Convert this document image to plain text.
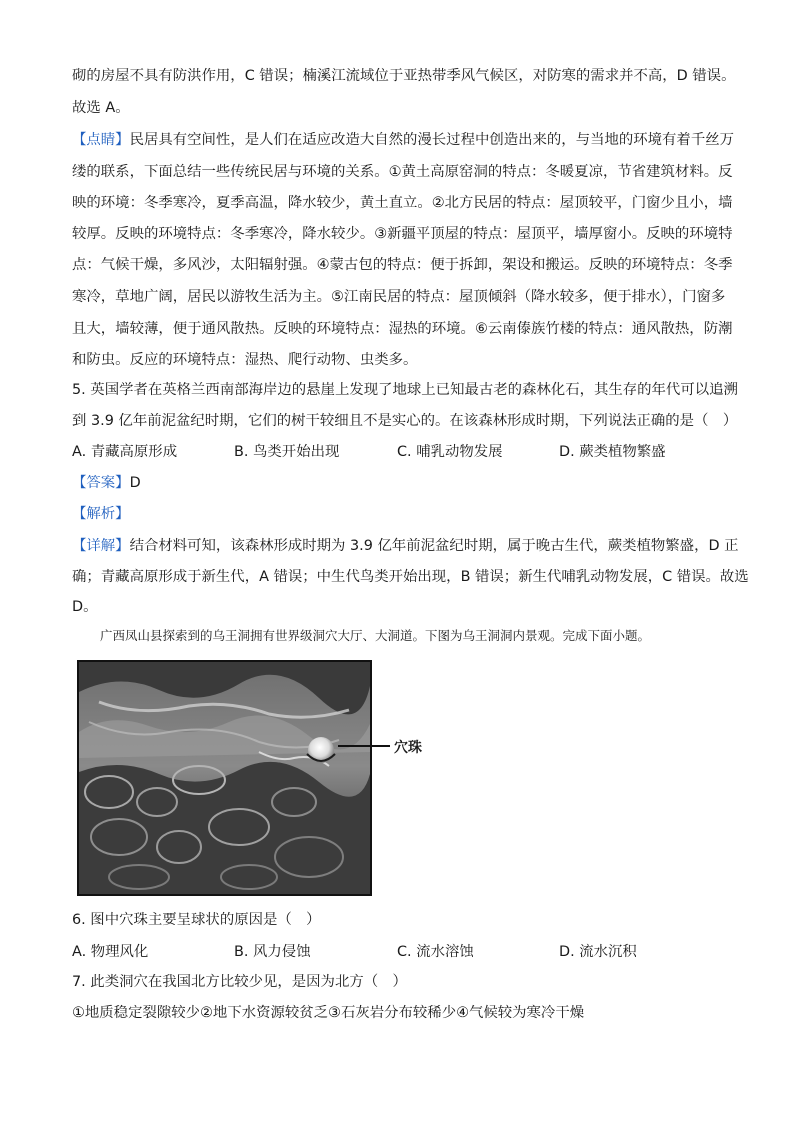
砌的房屋不具有防洪作用，C 错误；楠溪江流域位于亚热带季风气候区，对防寒的需求并不高，D 错误。
故选 A。
【点睛】民居具有空间性，是人们在适应改造大自然的漫长过程中创造出来的，与当地的环境有着千丝万
缕的联系，下面总结一些传统民居与环境的关系。①黄土高原窑洞的特点：冬暖夏凉，节省建筑材料。反
映的环境：冬季寒冷，夏季高温，降水较少，黄土直立。②北方民居的特点：屋顶较平，门窗少且小，墙
较厚。反映的环境特点：冬季寒冷，降水较少。③新疆平顶屋的特点：屋顶平，墙厚窗小。反映的环境特
点：气候干燥，多风沙，太阳辐射强。④蒙古包的特点：便于拆卸，架设和搬运。反映的环境特点：冬季
寒冷，草地广阔，居民以游牧生活为主。⑤江南民居的特点：屋顶倾斜（降水较多，便于排水），门窗多
且大，墙较薄，便于通风散热。反映的环境特点：湿热的环境。⑥云南傣族竹楼的特点：通风散热，防潮
和防虫。反应的环境特点：湿热、爬行动物、虫类多。
5. 英国学者在英格兰西南部海岸边的悬崖上发现了地球上已知最古老的森林化石，其生存的年代可以追溯
到 3.9 亿年前泥盆纪时期，它们的树干较细且不是实心的。在该森林形成时期，下列说法正确的是（　）
A. 青藏高原形成	B. 鸟类开始出现	C. 哺乳动物发展	D. 蕨类植物繁盛
【答案】D
【解析】
【详解】结合材料可知，该森林形成时期为 3.9 亿年前泥盆纪时期，属于晚古生代，蕨类植物繁盛，D 正
确；青藏高原形成于新生代，A 错误；中生代鸟类开始出现，B 错误；新生代哺乳动物发展，C 错误。故选
D。
广西凤山县探索到的乌王洞拥有世界级洞穴大厅、大洞道。下图为乌王洞洞内景观。完成下面小题。
穴珠
6. 图中穴珠主要呈球状的原因是（　）
A. 物理风化	B. 风力侵蚀	C. 流水溶蚀	D. 流水沉积
7. 此类洞穴在我国北方比较少见，是因为北方（　）
①地质稳定裂隙较少②地下水资源较贫乏③石灰岩分布较稀少④气候较为寒冷干燥
